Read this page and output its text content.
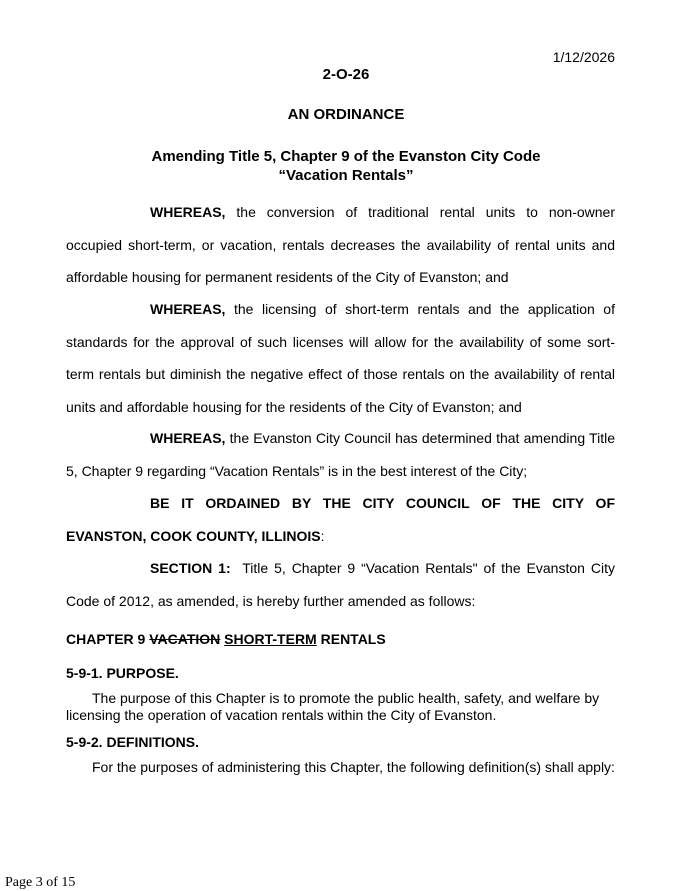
1/12/2026
2-O-26
AN ORDINANCE
Amending Title 5, Chapter 9 of the Evanston City Code
“Vacation Rentals”
WHEREAS, the conversion of traditional rental units to non-owner occupied short-term, or vacation, rentals decreases the availability of rental units and affordable housing for permanent residents of the City of Evanston; and
WHEREAS, the licensing of short-term rentals and the application of standards for the approval of such licenses will allow for the availability of some sort-term rentals but diminish the negative effect of those rentals on the availability of rental units and affordable housing for the residents of the City of Evanston; and
WHEREAS, the Evanston City Council has determined that amending Title 5, Chapter 9 regarding “Vacation Rentals” is in the best interest of the City;
BE IT ORDAINED BY THE CITY COUNCIL OF THE CITY OF EVANSTON, COOK COUNTY, ILLINOIS:
SECTION 1:  Title 5, Chapter 9 “Vacation Rentals" of the Evanston City Code of 2012, as amended, is hereby further amended as follows:
CHAPTER 9 VACATION SHORT-TERM RENTALS
5-9-1. PURPOSE.
The purpose of this Chapter is to promote the public health, safety, and welfare by licensing the operation of vacation rentals within the City of Evanston.
5-9-2. DEFINITIONS.
For the purposes of administering this Chapter, the following definition(s) shall apply:
Page 3 of 15
